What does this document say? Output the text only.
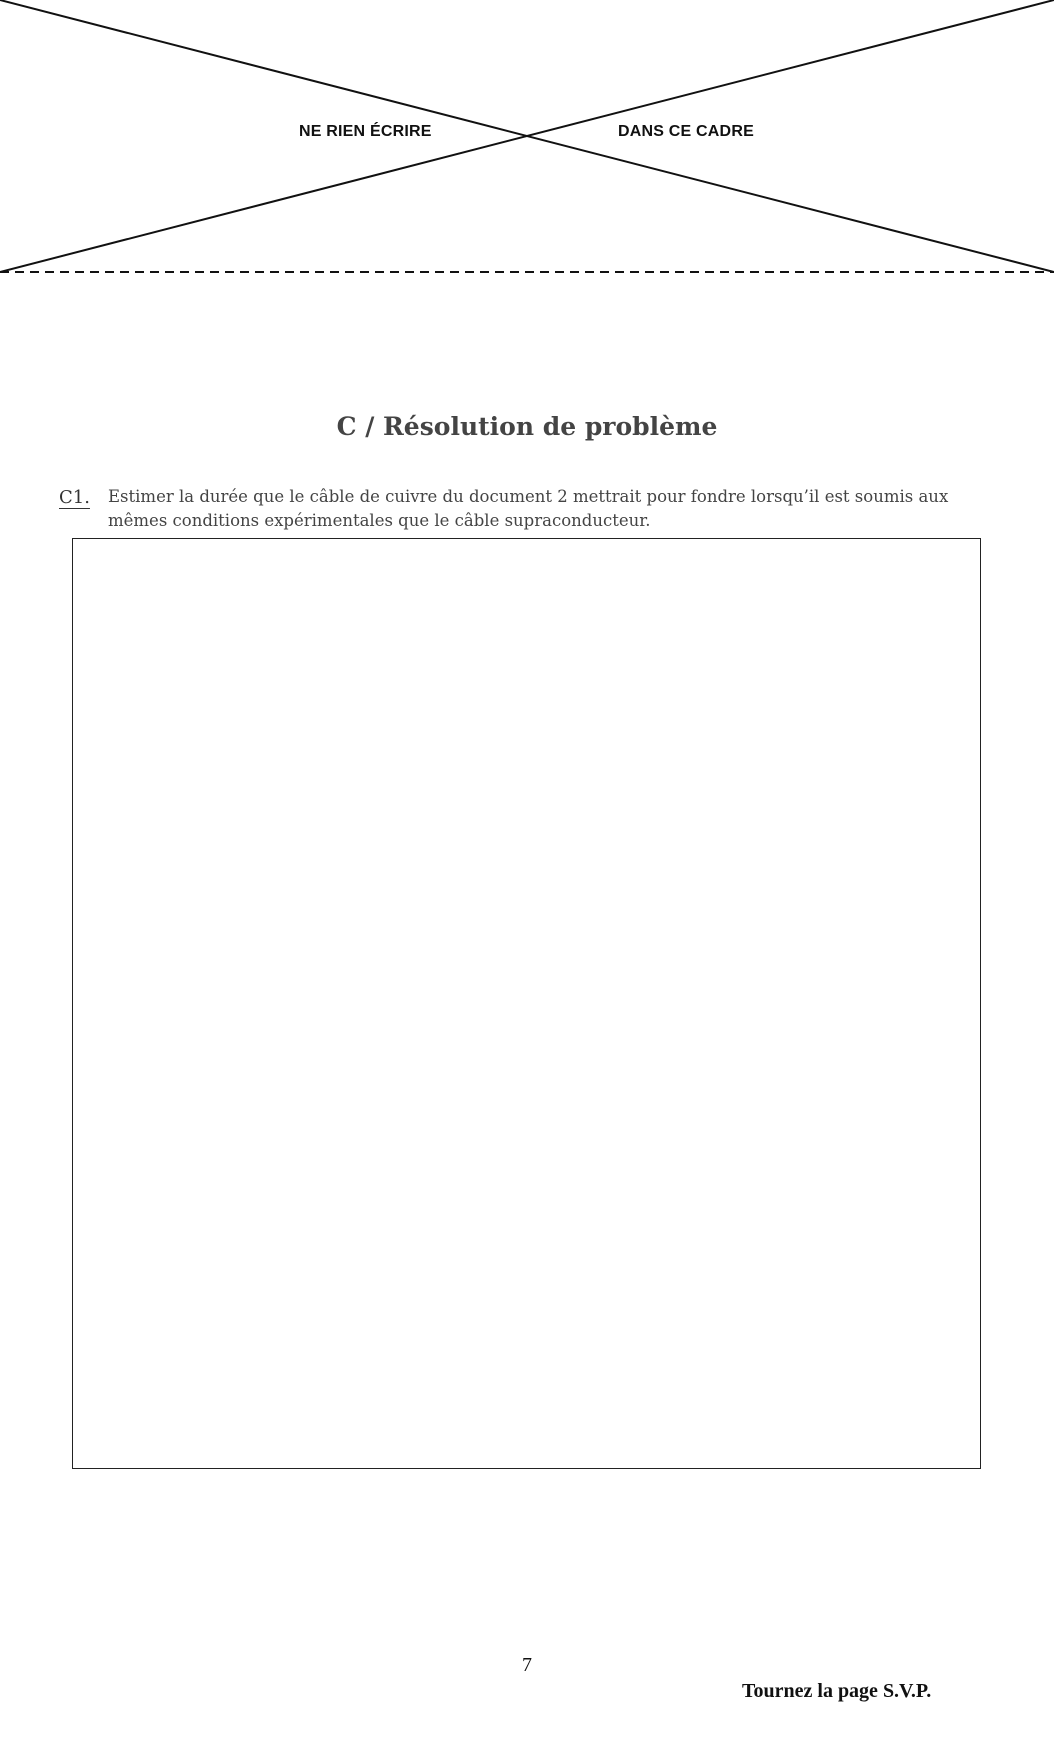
NE RIEN ÉCRIRE	DANS CE CADRE
C / Résolution de problème
C1. Estimer la durée que le câble de cuivre du document 2 mettrait pour fondre lorsqu’il est soumis aux
mêmes conditions expérimentales que le câble supraconducteur.
7
Tournez la page S.V.P.
